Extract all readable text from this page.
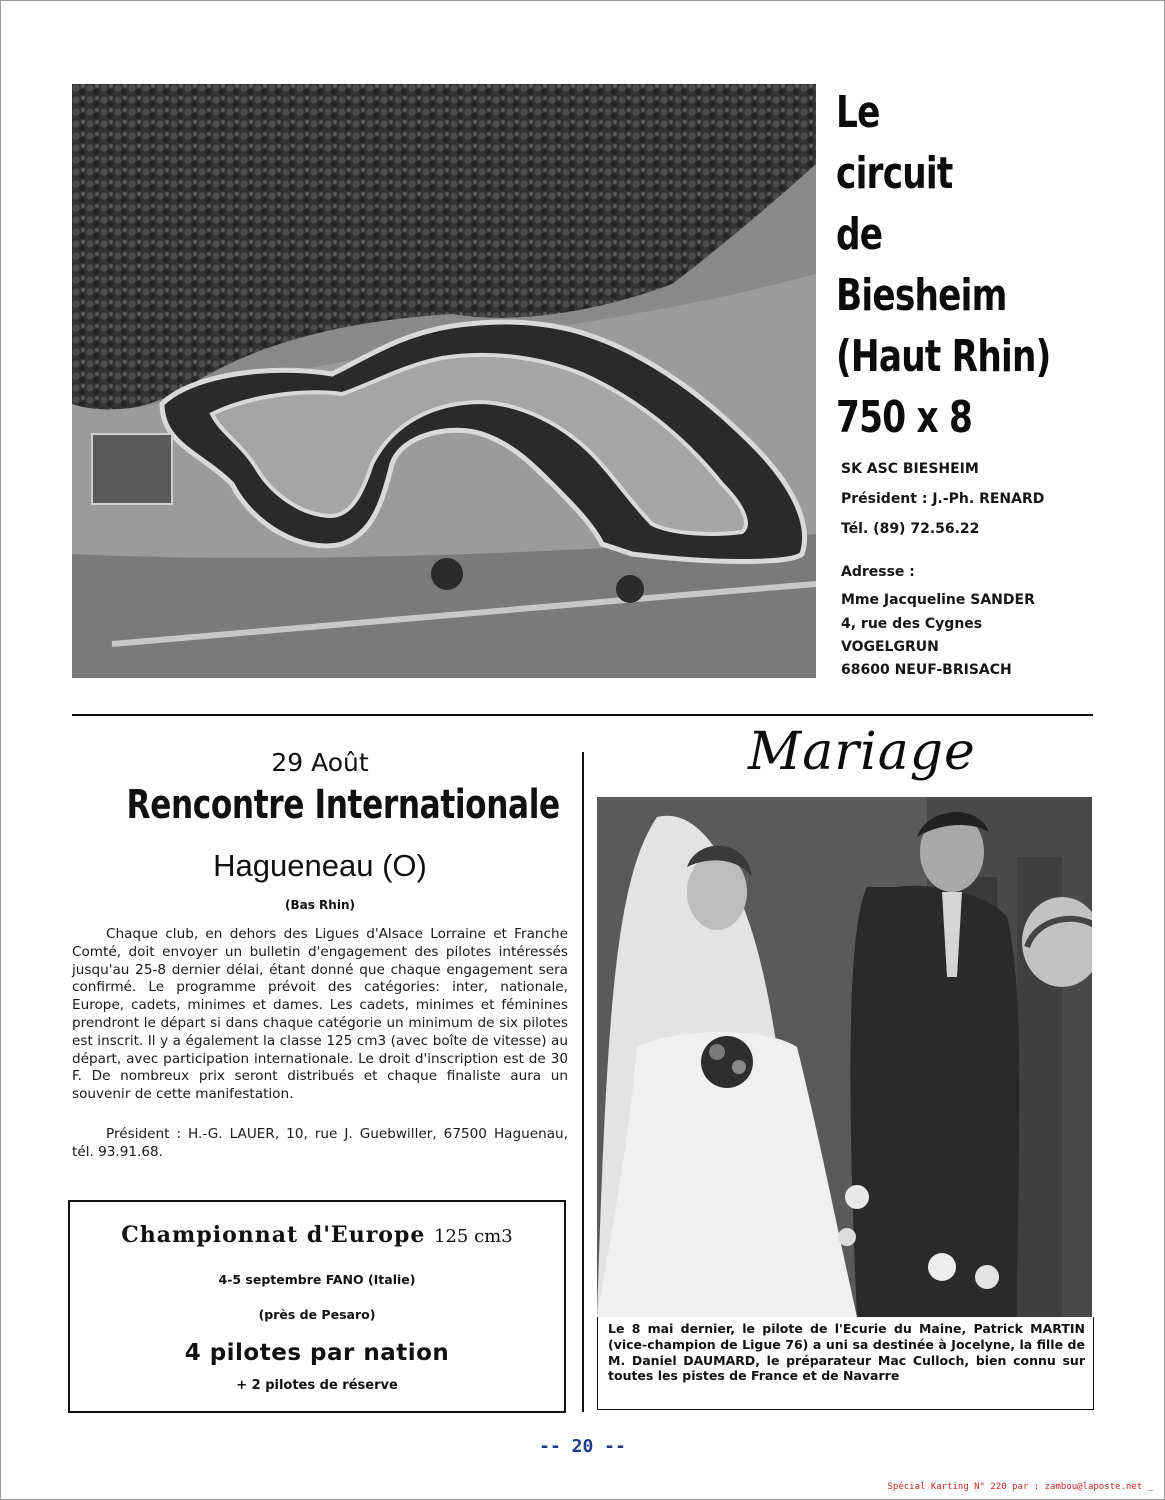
Le
circuit
de
Biesheim
(Haut Rhin)
750 x 8
SK ASC BIESHEIM
Président : J.-Ph. RENARD
Tél. (89) 72.56.22
Adresse :
Mme Jacqueline SANDER
4, rue des Cygnes
VOGELGRUN
68600 NEUF-BRISACH
29 Août
Rencontre Internationale
Hagueneau (O)
(Bas Rhin)
Chaque club, en dehors des Ligues d'Alsace Lorraine et Franche Comté, doit envoyer un bulletin d'engagement des pilotes intéressés jusqu'au 25-8 dernier délai, étant donné que chaque engagement sera confirmé. Le programme prévoit des catégories: inter, nationale, Europe, cadets, minimes et dames. Les cadets, minimes et féminines prendront le départ si dans chaque catégorie un minimum de six pilotes est inscrit. Il y a également la classe 125 cm3 (avec boîte de vitesse) au départ, avec participation internationale. Le droit d'inscription est de 30 F. De nombreux prix seront distribués et chaque finaliste aura un souvenir de cette manifestation.
Président : H.-G. LAUER, 10, rue J. Guebwiller, 67500 Haguenau, tél. 93.91.68.
Championnat d'Europe 125 cm3
4-5 septembre FANO (Italie)
(près de Pesaro)
4 pilotes par nation
+ 2 pilotes de réserve
Mariage

Le 8 mai dernier, le pilote de l'Ecurie du Maine, Patrick MARTIN (vice-champion de Ligue 76) a uni sa destinée à Jocelyne, la fille de M. Daniel DAUMARD, le préparateur Mac Culloch, bien connu sur toutes les pistes de France et de Navarre

-- 20 --
Spécial Karting N° 220 par : zambou@laposte.net _
